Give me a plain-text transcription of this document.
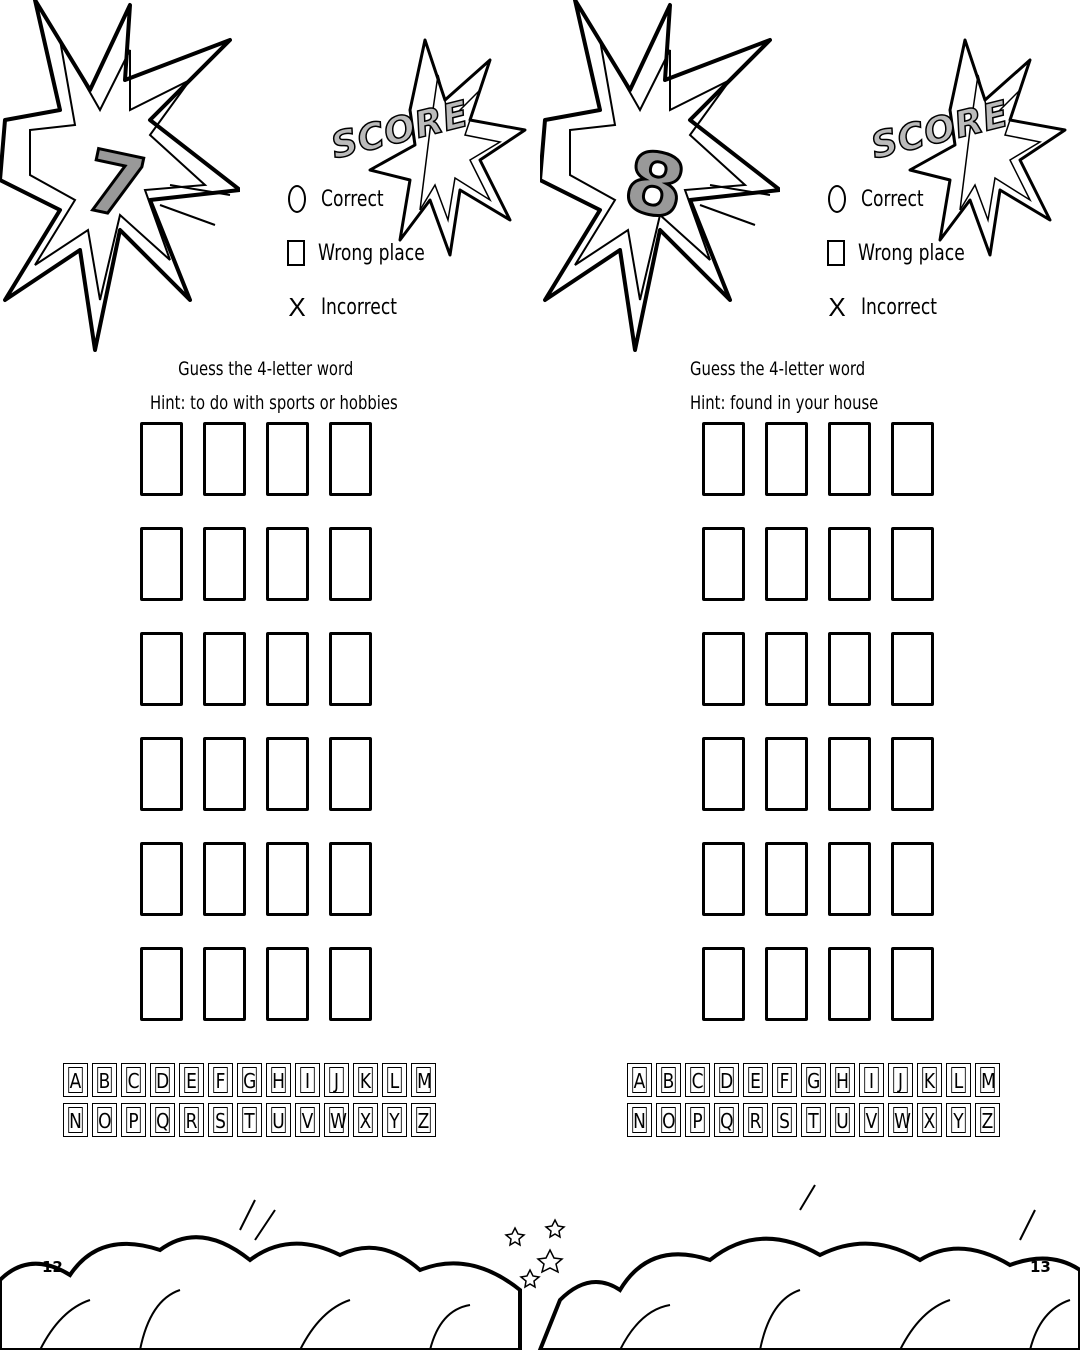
7
SCORE
Correct
Wrong place
X Incorrect
Guess the 4-letter word
Hint: to do with sports or hobbies
A B C D E F G H I J K L M
N O P Q R S T U V W X Y Z
8
SCORE
Correct
Wrong place
X Incorrect
Guess the 4-letter word
Hint: found in your house
A B C D E F G H I J K L M
N O P Q R S T U V W X Y Z
12	13
